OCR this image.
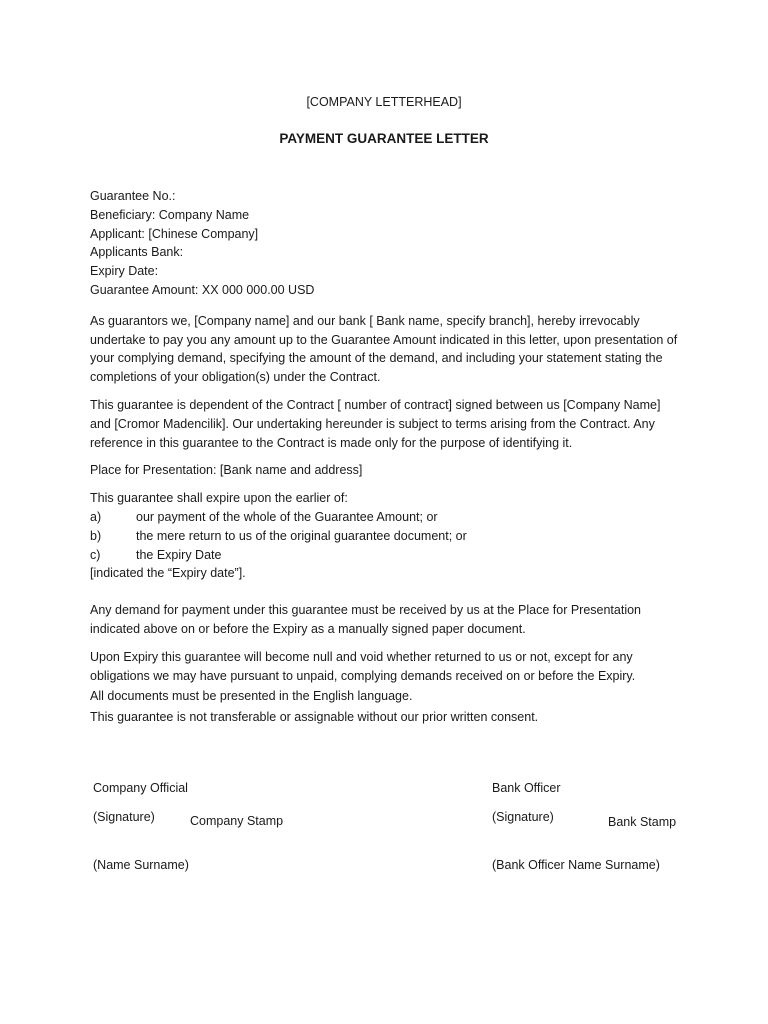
[COMPANY LETTERHEAD]
PAYMENT GUARANTEE LETTER
Guarantee No.:
Beneficiary: Company Name
Applicant: [Chinese Company]
Applicants Bank:
Expiry Date:
Guarantee Amount: XX 000 000.00 USD

As guarantors we, [Company name] and our bank [ Bank name, specify branch], hereby irrevocably undertake to pay you any amount up to the Guarantee Amount indicated in this letter, upon presentation of your complying demand, specifying the amount of the demand, and including your statement stating the completions of your obligation(s) under the Contract.

This guarantee is dependent of the Contract [ number of contract] signed between us [Company Name] and [Cromor Madencilik]. Our undertaking hereunder is subject to terms arising from the Contract. Any reference in this guarantee to the Contract is made only for the purpose of identifying it.

Place for Presentation: [Bank name and address]

This guarantee shall expire upon the earlier of:

a)	our payment of the whole of the Guarantee Amount; or
b)	the mere return to us of the original guarantee document; or
c)	the Expiry Date

[indicated the “Expiry date”].

Any demand for payment under this guarantee must be received by us at the Place for Presentation indicated above on or before the Expiry as a manually signed paper document.

Upon Expiry this guarantee will become null and void whether returned to us or not, except for any obligations we may have pursuant to unpaid, complying demands received on or before the Expiry.

All documents must be presented in the English language.

This guarantee is not transferable or assignable without our prior written consent.

Company Official
(Signature)	Company Stamp
(Name Surname)
Bank Officer
(Signature)	Bank Stamp
(Bank Officer Name Surname)
